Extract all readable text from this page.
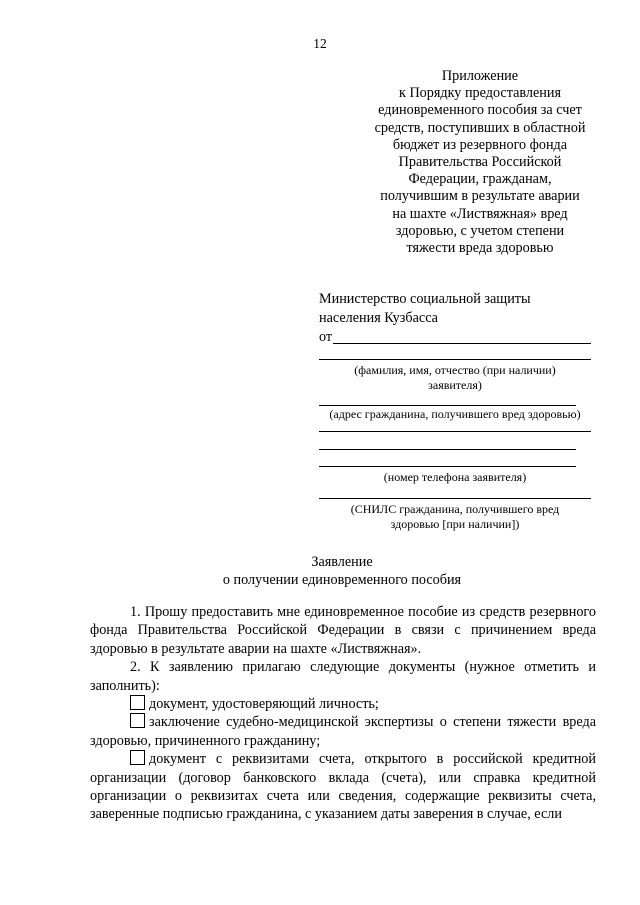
12
Приложение
к Порядку предоставления
единовременного пособия за счет
средств, поступивших в областной
бюджет из резервного фонда
Правительства Российской
Федерации, гражданам,
получившим в результате аварии
на шахте «Листвяжная» вред
здоровью, с учетом степени
тяжести вреда здоровью
Министерство социальной защиты
населения Кузбасса
от
(фамилия, имя, отчество (при наличии)
заявителя)
(адрес гражданина, получившего вред здоровью)
(номер телефона заявителя)
(СНИЛС гражданина, получившего вред
здоровью [при наличии])
Заявление
о получении единовременного пособия

1. Прошу предоставить мне единовременное пособие из средств резервного фонда Правительства Российской Федерации в связи с причинением вреда здоровью в результате аварии на шахте «Листвяжная».

2. К заявлению прилагаю следующие документы (нужное отметить и заполнить):

документ, удостоверяющий личность;

заключение судебно-медицинской экспертизы о степени тяжести вреда здоровью, причиненного гражданину;

документ с реквизитами счета, открытого в российской кредитной организации (договор банковского вклада (счета), или справка кредитной организации о реквизитах счета или сведения, содержащие реквизиты счета, заверенные подписью гражданина, с указанием даты заверения в случае, если
